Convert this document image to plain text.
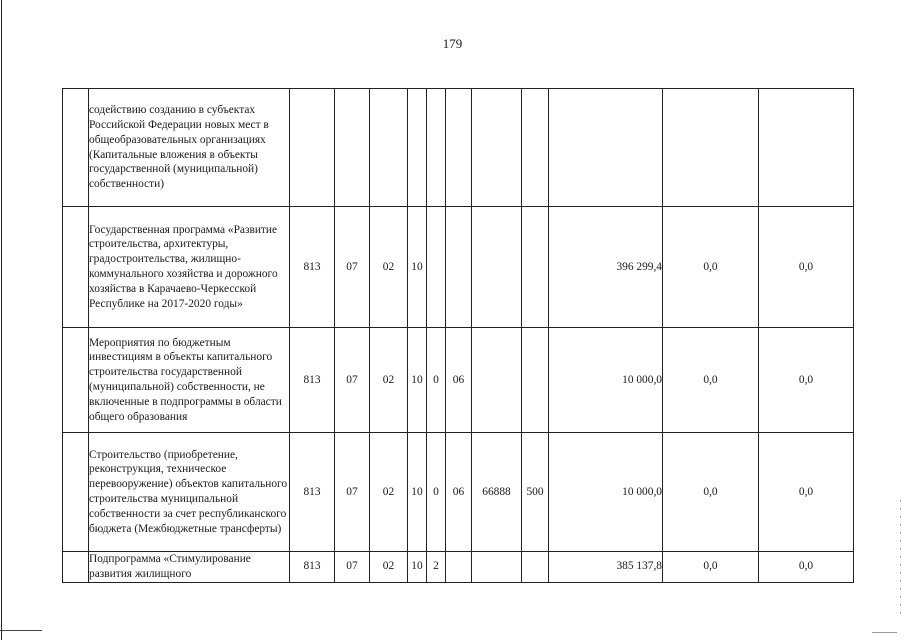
179
	содействию созданию в субъектах Российской Федерации новых мест в общеобразовательных организациях (Капитальные вложения в объекты государственной (муниципальной) собственности)											
	Государственная программа «Развитие строительства, архитектуры, градостроительства, жилищно-коммунального хозяйства и дорожного хозяйства в Карачаево-Черкесской Республике на 2017-2020 годы»	813	07	02	10					396 299,4	0,0	0,0
	Мероприятия по бюджетным инвестициям в объекты капитального строительства государственной (муниципальной) собственности, не включенные в подпрограммы в области общего образования	813	07	02	10	0	06			10 000,0	0,0	0,0
	Строительство (приобретение, реконструкция, техническое перевооружение) объектов капитального строительства муниципальной собственности за счет республиканского бюджета (Межбюджетные трансферты)	813	07	02	10	0	06	66888	500	10 000,0	0,0	0,0
	Подпрограмма «Стимулирование развития жилищного	813	07	02	10	2				385 137,8	0,0	0,0
